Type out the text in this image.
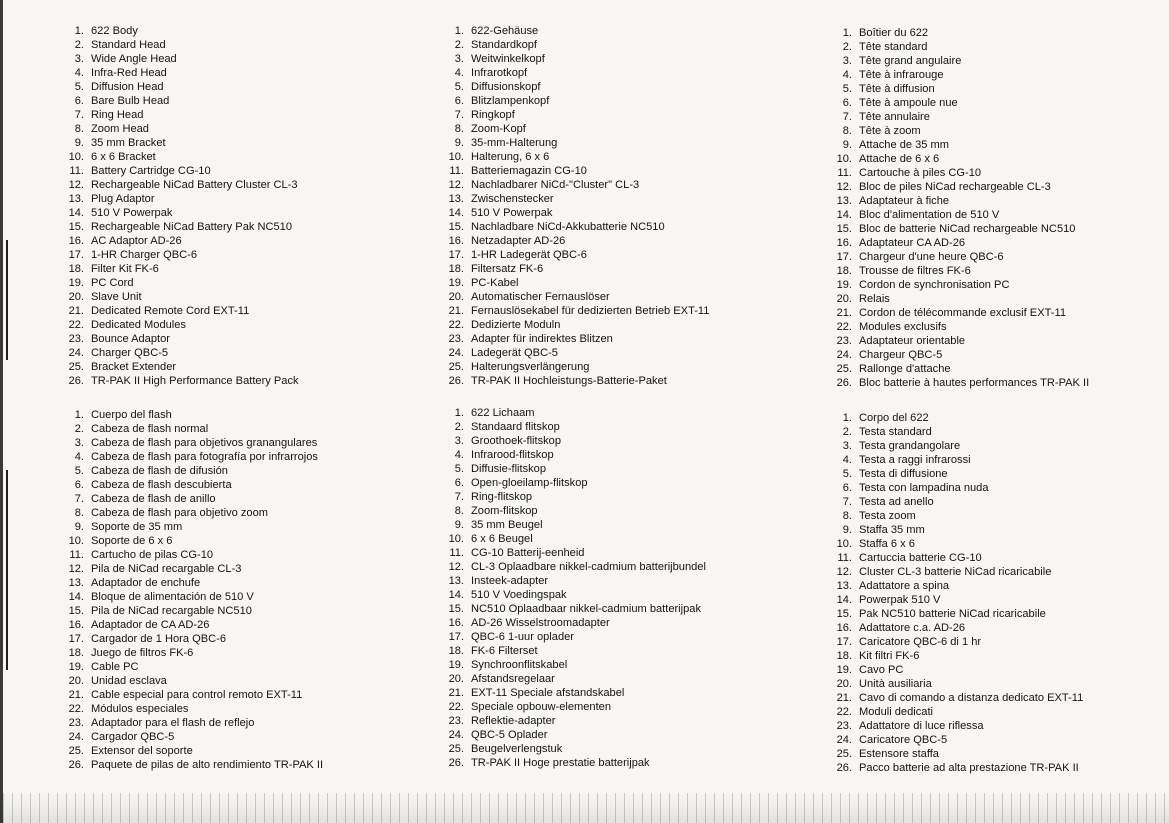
1. 622 Body
2. Standard Head
3. Wide Angle Head
4. Infra-Red Head
5. Diffusion Head
6. Bare Bulb Head
7. Ring Head
8. Zoom Head
9. 35 mm Bracket
10. 6 x 6 Bracket
11. Battery Cartridge CG-10
12. Rechargeable NiCad Battery Cluster CL-3
13. Plug Adaptor
14. 510 V Powerpak
15. Rechargeable NiCad Battery Pak NC510
16. AC Adaptor AD-26
17. 1-HR Charger QBC-6
18. Filter Kit FK-6
19. PC Cord
20. Slave Unit
21. Dedicated Remote Cord EXT-11
22. Dedicated Modules
23. Bounce Adaptor
24. Charger QBC-5
25. Bracket Extender
26. TR-PAK II High Performance Battery Pack
1. 622-Gehäuse
2. Standardkopf
3. Weitwinkelkopf
4. Infrarotkopf
5. Diffusionskopf
6. Blitzlampenkopf
7. Ringkopf
8. Zoom-Kopf
9. 35-mm-Halterung
10. Halterung, 6 x 6
11. Batteriemagazin CG-10
12. Nachladbarer NiCd-"Cluster" CL-3
13. Zwischenstecker
14. 510 V Powerpak
15. Nachladbare NiCd-Akkubatterie NC510
16. Netzadapter AD-26
17. 1-HR Ladegerät QBC-6
18. Filtersatz FK-6
19. PC-Kabel
20. Automatischer Fernauslöser
21. Fernauslösekabel für dedizierten Betrieb EXT-11
22. Dedizierte Moduln
23. Adapter für indirektes Blitzen
24. Ladegerät QBC-5
25. Halterungsverlängerung
26. TR-PAK II Hochleistungs-Batterie-Paket
1. Boîtier du 622
2. Tête standard
3. Tête grand angulaire
4. Tête à infrarouge
5. Tête à diffusion
6. Tête à ampoule nue
7. Tête annulaire
8. Tête à zoom
9. Attache de 35 mm
10. Attache de 6 x 6
11. Cartouche à piles CG-10
12. Bloc de piles NiCad rechargeable CL-3
13. Adaptateur à fiche
14. Bloc d'alimentation de 510 V
15. Bloc de batterie NiCad rechargeable NC510
16. Adaptateur CA AD-26
17. Chargeur d'une heure QBC-6
18. Trousse de filtres FK-6
19. Cordon de synchronisation PC
20. Relais
21. Cordon de télécommande exclusif EXT-11
22. Modules exclusifs
23. Adaptateur orientable
24. Chargeur QBC-5
25. Rallonge d'attache
26. Bloc batterie à hautes performances TR-PAK II
1. Cuerpo del flash
2. Cabeza de flash normal
3. Cabeza de flash para objetivos granangulares
4. Cabeza de flash para fotografía por infrarrojos
5. Cabeza de flash de difusión
6. Cabeza de flash descubierta
7. Cabeza de flash de anillo
8. Cabeza de flash para objetivo zoom
9. Soporte de 35 mm
10. Soporte de 6 x 6
11. Cartucho de pilas CG-10
12. Pila de NiCad recargable CL-3
13. Adaptador de enchufe
14. Bloque de alimentación de 510 V
15. Pila de NiCad recargable NC510
16. Adaptador de CA AD-26
17. Cargador de 1 Hora QBC-6
18. Juego de filtros FK-6
19. Cable PC
20. Unidad esclava
21. Cable especial para control remoto EXT-11
22. Módulos especiales
23. Adaptador para el flash de reflejo
24. Cargador QBC-5
25. Extensor del soporte
26. Paquete de pilas de alto rendimiento TR-PAK II
1. 622 Lichaam
2. Standaard flitskop
3. Groothoek-flitskop
4. Infrarood-flitskop
5. Diffusie-flitskop
6. Open-gloeilamp-flitskop
7. Ring-flitskop
8. Zoom-flitskop
9. 35 mm Beugel
10. 6 x 6 Beugel
11. CG-10 Batterij-eenheid
12. CL-3 Oplaadbare nikkel-cadmium batterijbundel
13. Insteek-adapter
14. 510 V Voedingspak
15. NC510 Oplaadbaar nikkel-cadmium batterijpak
16. AD-26 Wisselstroomadapter
17. QBC-6 1-uur oplader
18. FK-6 Filterset
19. Synchroonflitskabel
20. Afstandsregelaar
21. EXT-11 Speciale afstandskabel
22. Speciale opbouw-elementen
23. Reflektie-adapter
24. QBC-5 Oplader
25. Beugelverlengstuk
26. TR-PAK II Hoge prestatie batterijpak
1. Corpo del 622
2. Testa standard
3. Testa grandangolare
4. Testa a raggi infrarossi
5. Testa di diffusione
6. Testa con lampadina nuda
7. Testa ad anello
8. Testa zoom
9. Staffa 35 mm
10. Staffa 6 x 6
11. Cartuccia batterie CG-10
12. Cluster CL-3 batterie NiCad ricaricabile
13. Adattatore a spina
14. Powerpak 510 V
15. Pak NC510 batterie NiCad ricaricabile
16. Adattatore c.a. AD-26
17. Caricatore QBC-6 di 1 hr
18. Kit filtri FK-6
19. Cavo PC
20. Unità ausiliaria
21. Cavo di comando a distanza dedicato EXT-11
22. Moduli dedicati
23. Adattatore di luce riflessa
24. Caricatore QBC-5
25. Estensore staffa
26. Pacco batterie ad alta prestazione TR-PAK II
